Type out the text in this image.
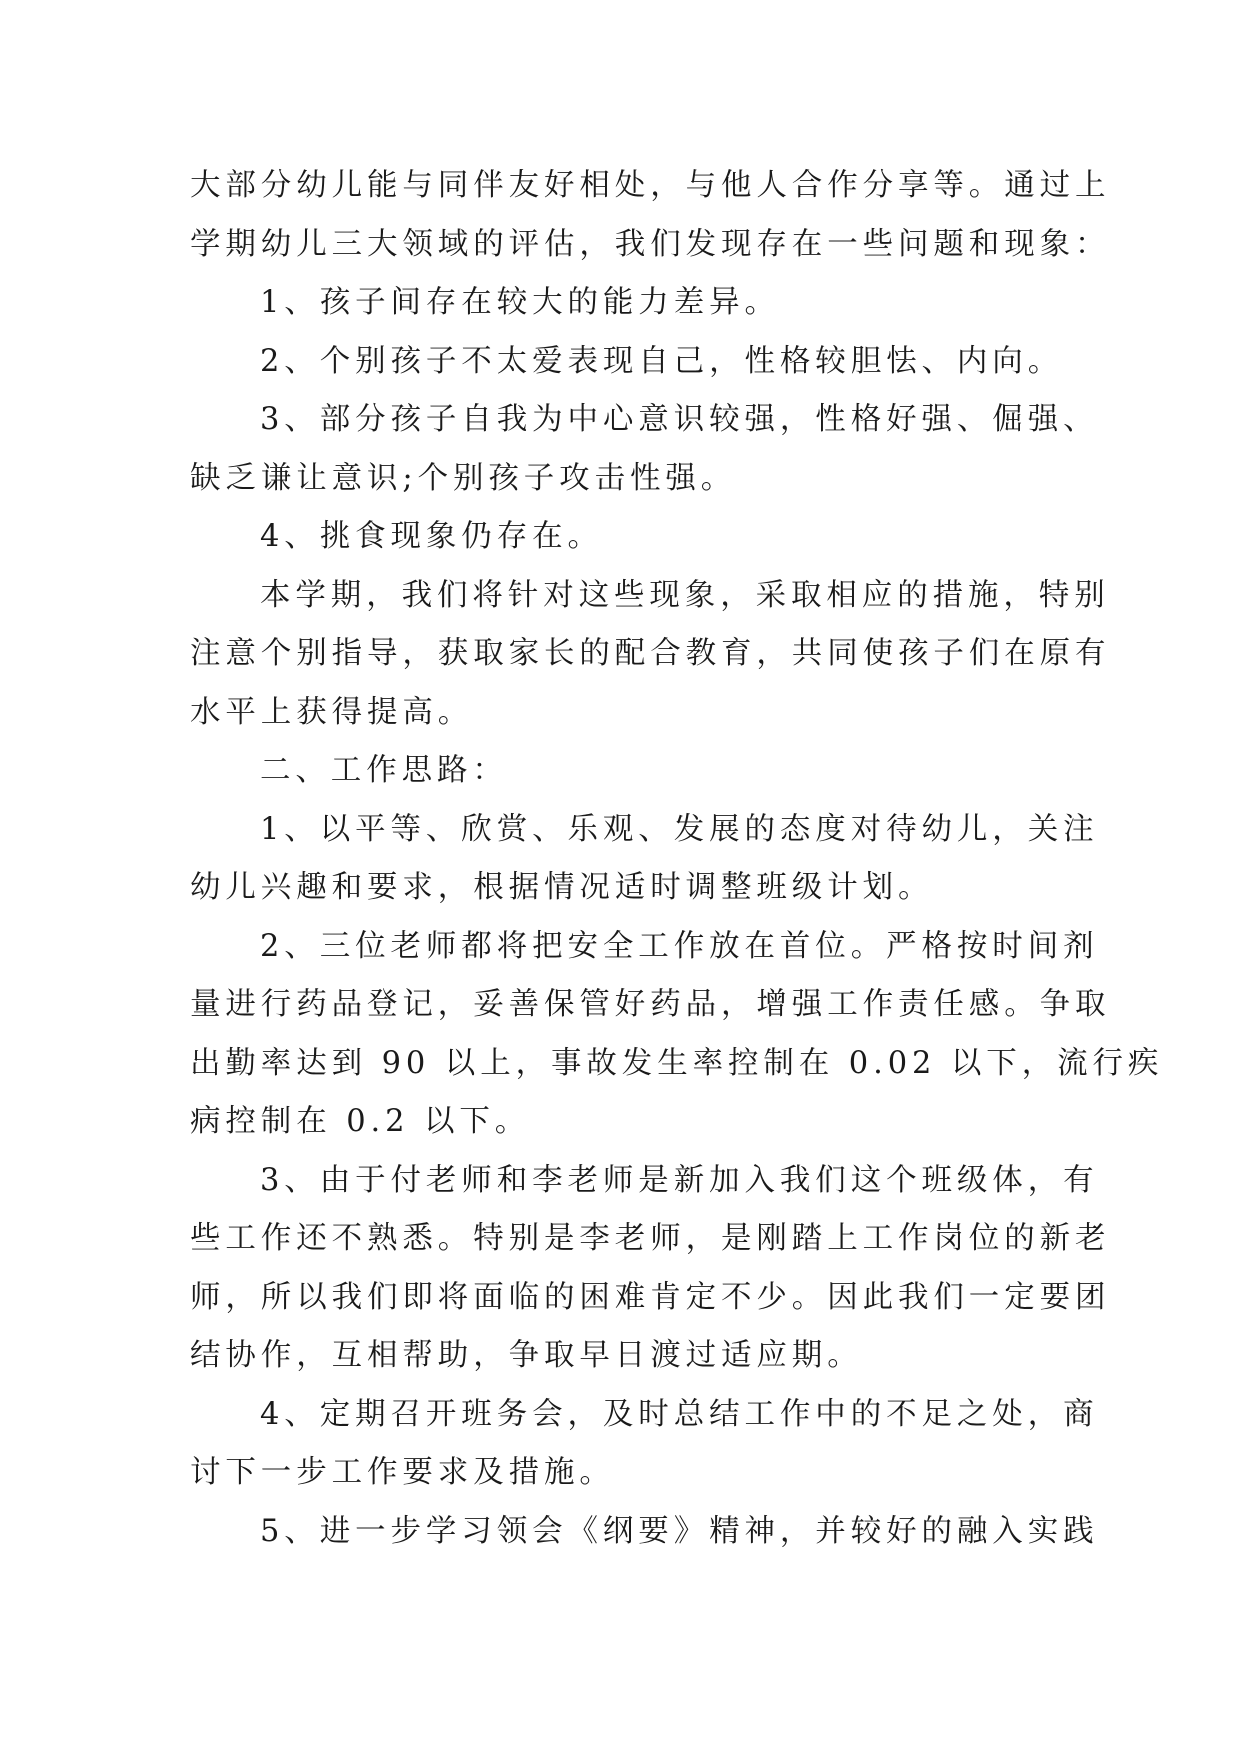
大部分幼儿能与同伴友好相处，与他人合作分享等。通过上
学期幼儿三大领域的评估，我们发现存在一些问题和现象：
1、孩子间存在较大的能力差异。
2、个别孩子不太爱表现自己，性格较胆怯、内向。
3、部分孩子自我为中心意识较强，性格好强、倔强、
缺乏谦让意识;个别孩子攻击性强。
4、挑食现象仍存在。
本学期，我们将针对这些现象，采取相应的措施，特别
注意个别指导，获取家长的配合教育，共同使孩子们在原有
水平上获得提高。
二、工作思路：
1、以平等、欣赏、乐观、发展的态度对待幼儿，关注
幼儿兴趣和要求，根据情况适时调整班级计划。
2、三位老师都将把安全工作放在首位。严格按时间剂
量进行药品登记，妥善保管好药品，增强工作责任感。争取
出勤率达到 90 以上，事故发生率控制在 0.02 以下，流行疾
病控制在 0.2 以下。
3、由于付老师和李老师是新加入我们这个班级体，有
些工作还不熟悉。特别是李老师，是刚踏上工作岗位的新老
师，所以我们即将面临的困难肯定不少。因此我们一定要团
结协作，互相帮助，争取早日渡过适应期。
4、定期召开班务会，及时总结工作中的不足之处，商
讨下一步工作要求及措施。
5、进一步学习领会《纲要》精神，并较好的融入实践
